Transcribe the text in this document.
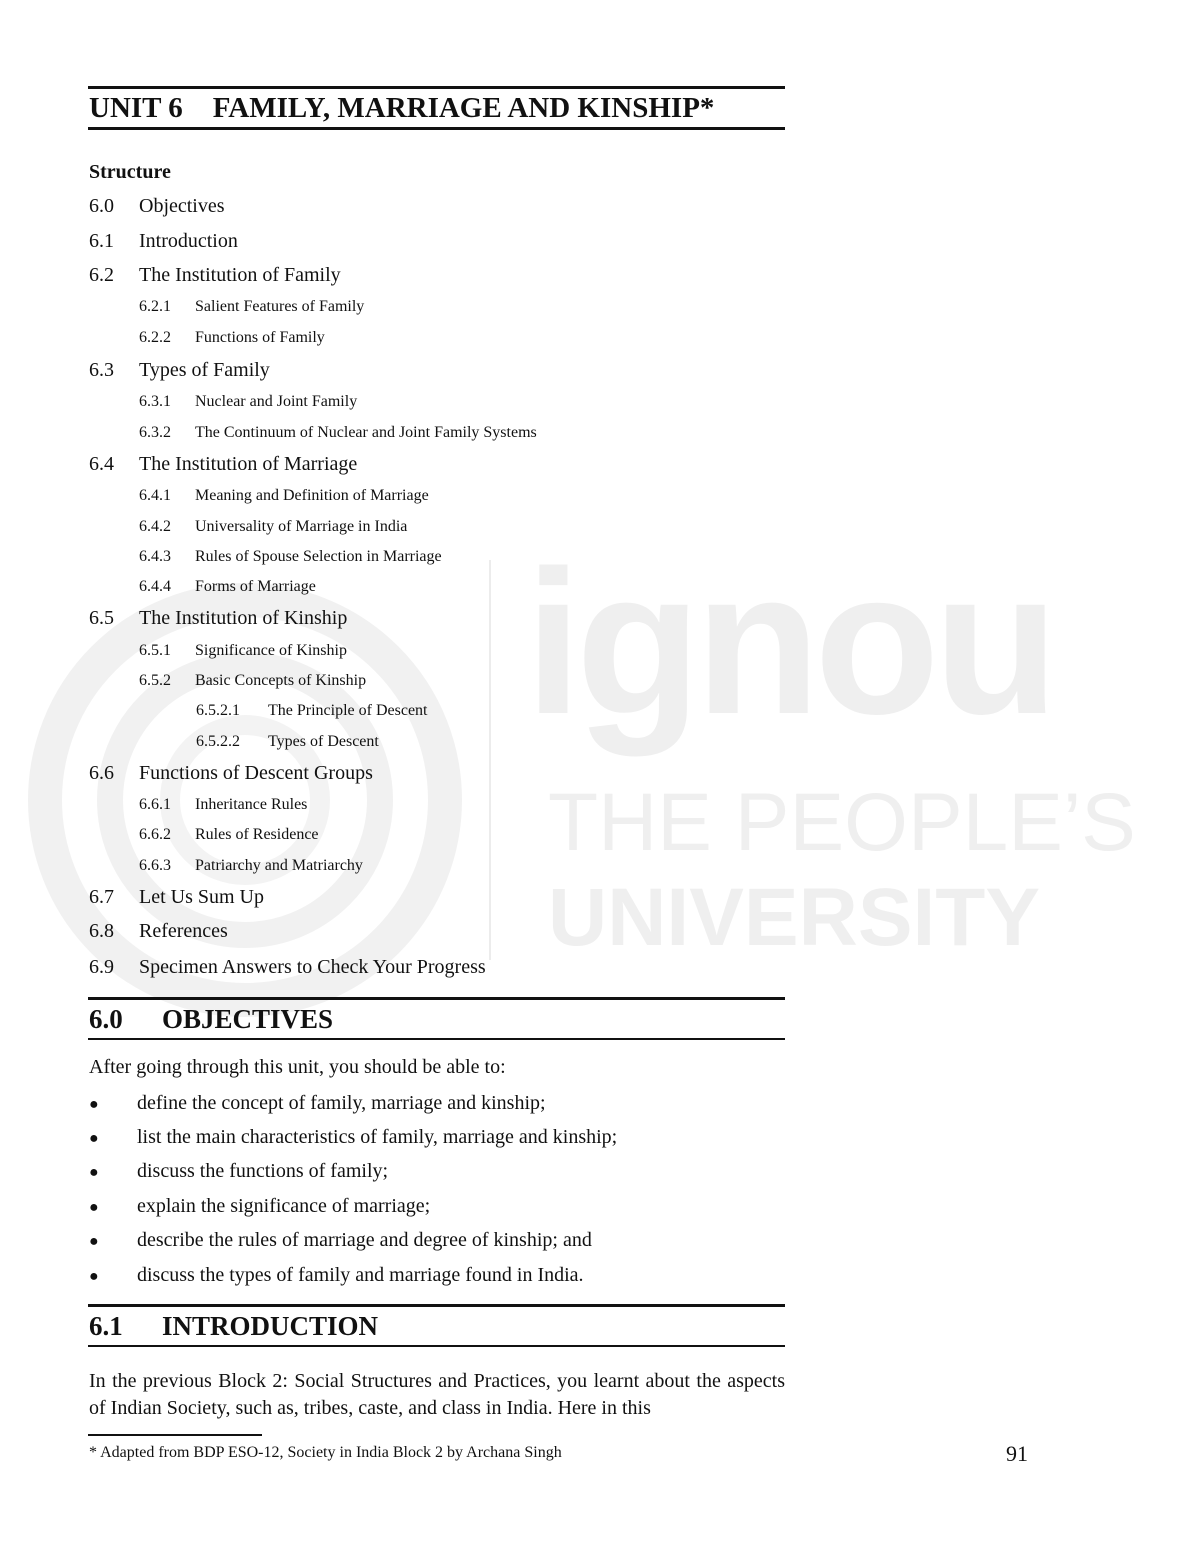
ignou
THE PEOPLE’S
UNIVERSITY
UNIT 6 FAMILY, MARRIAGE AND KINSHIP*
Structure
6.0 Objectives
6.1 Introduction
6.2 The Institution of Family
6.2.1 Salient Features of Family
6.2.2 Functions of Family
6.3 Types of Family
6.3.1 Nuclear and Joint Family
6.3.2 The Continuum of Nuclear and Joint Family Systems
6.4 The Institution of Marriage
6.4.1 Meaning and Definition of Marriage
6.4.2 Universality of Marriage in India
6.4.3 Rules of Spouse Selection in Marriage
6.4.4 Forms of Marriage
6.5 The Institution of Kinship
6.5.1 Significance of Kinship
6.5.2 Basic Concepts of Kinship
6.5.2.1 The Principle of Descent
6.5.2.2 Types of Descent
6.6 Functions of Descent Groups
6.6.1 Inheritance Rules
6.6.2 Rules of Residence
6.6.3 Patriarchy and Matriarchy
6.7 Let Us Sum Up
6.8 References
6.9 Specimen Answers to Check Your Progress
6.0 OBJECTIVES
After going through this unit, you should be able to:
● define the concept of family, marriage and kinship;
● list the main characteristics of family, marriage and kinship;
● discuss the functions of family;
● explain the significance of marriage;
● describe the rules of marriage and degree of kinship; and
● discuss the types of family and marriage found in India.
6.1 INTRODUCTION
In the previous Block 2: Social Structures and Practices, you learnt about the aspects of Indian Society, such as, tribes, caste, and class in India. Here in this
* Adapted from BDP ESO-12, Society in India Block 2 by Archana Singh	91
